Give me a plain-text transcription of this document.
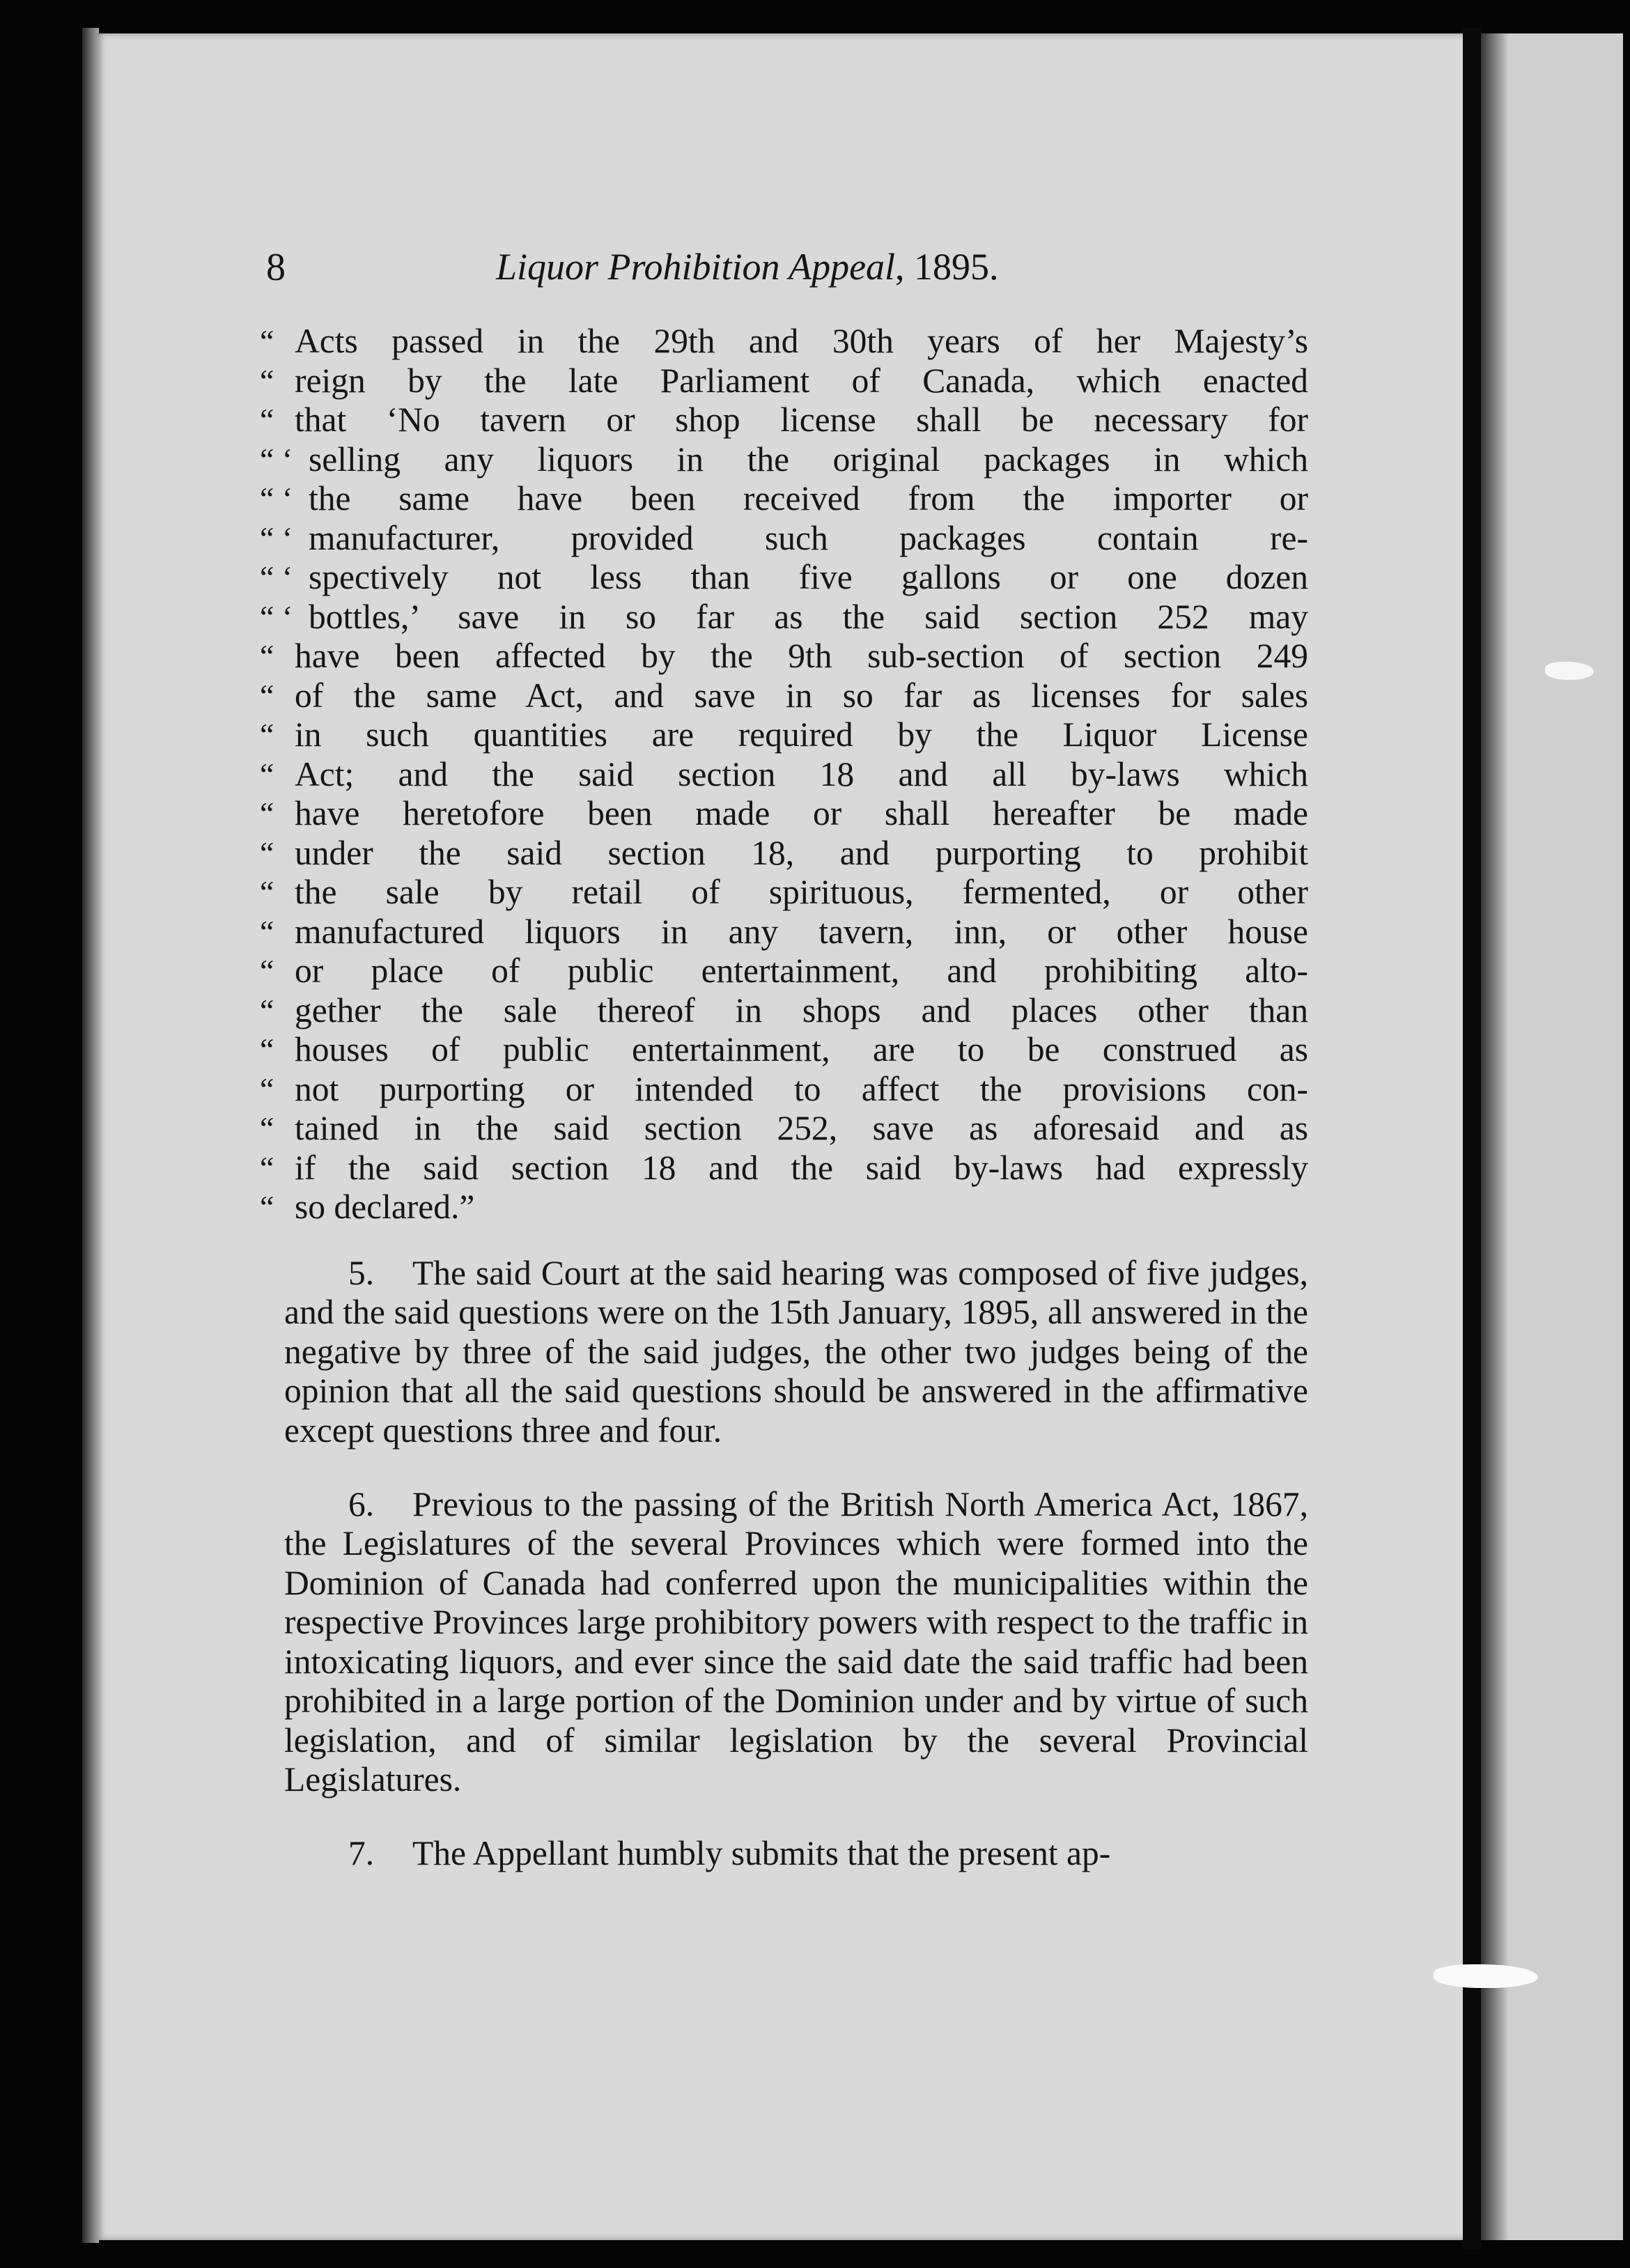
8	Liquor Prohibition Appeal, 1895.
“ Acts passed in the 29th and 30th years of her Majesty’s
“ reign by the late Parliament of Canada, which enacted
“ that ‘No tavern or shop license shall be necessary for
“ ‘ selling any liquors in the original packages in which
“ ‘ the same have been received from the importer or
“ ‘ manufacturer, provided such packages contain re-
“ ‘ spectively not less than five gallons or one dozen
“ ‘ bottles,’ save in so far as the said section 252 may
“ have been affected by the 9th sub-section of section 249
“ of the same Act, and save in so far as licenses for sales
“ in such quantities are required by the Liquor License
“ Act; and the said section 18 and all by-laws which
“ have heretofore been made or shall hereafter be made
“ under the said section 18, and purporting to prohibit
“ the sale by retail of spirituous, fermented, or other
“ manufactured liquors in any tavern, inn, or other house
“ or place of public entertainment, and prohibiting alto-
“ gether the sale thereof in shops and places other than
“ houses of public entertainment, are to be construed as
“ not purporting or intended to affect the provisions con-
“ tained in the said section 252, save as aforesaid and as
“ if the said section 18 and the said by-laws had expressly
“ so declared.”

5. The said Court at the said hearing was composed of five judges, and the said questions were on the 15th January, 1895, all answered in the negative by three of the said judges, the other two judges being of the opinion that all the said questions should be answered in the affirmative except questions three and four.

6. Previous to the passing of the British North America Act, 1867, the Legislatures of the several Provinces which were formed into the Dominion of Canada had conferred upon the municipalities within the respective Provinces large prohibitory powers with respect to the traffic in intoxicating liquors, and ever since the said date the said traffic had been prohibited in a large portion of the Dominion under and by virtue of such legislation, and of similar legislation by the several Provincial Legislatures.

7. The Appellant humbly submits that the present ap-
